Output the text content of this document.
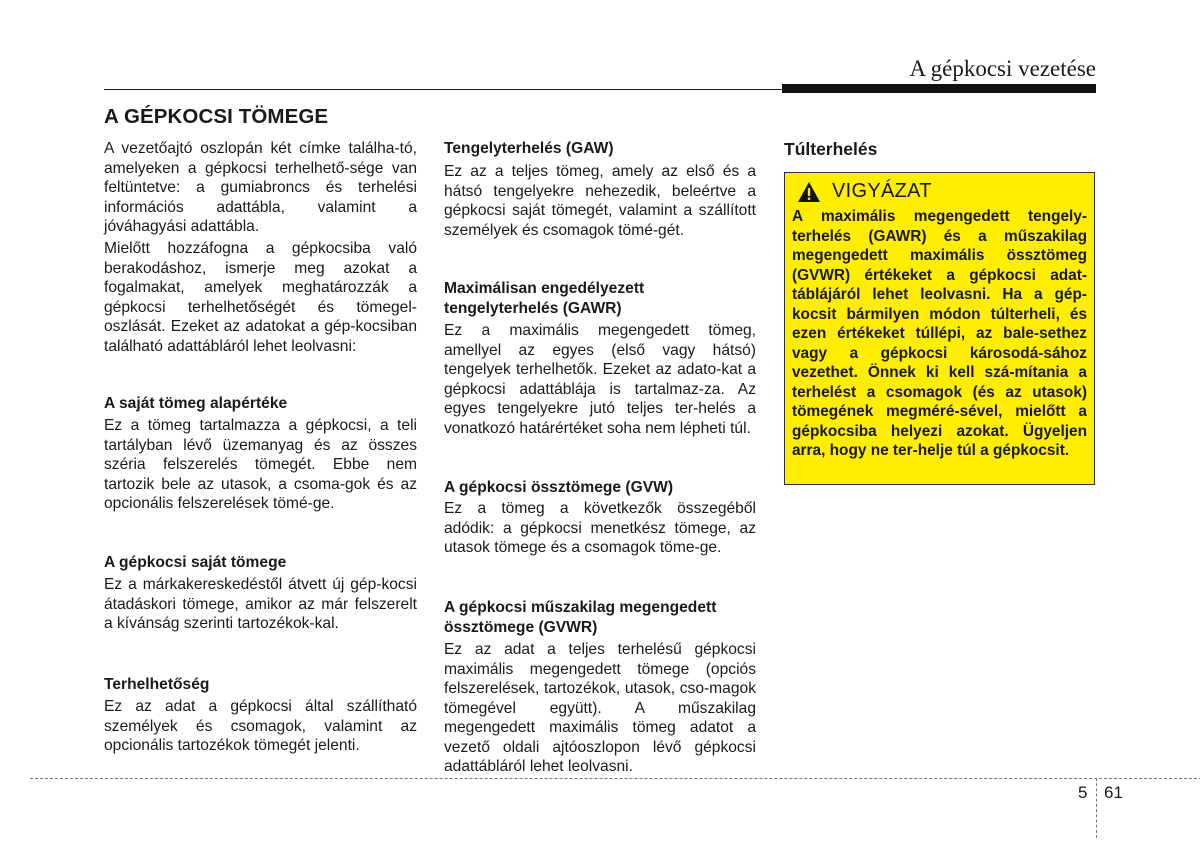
A gépkocsi vezetése
A GÉPKOCSI TÖMEGE

A vezetőajtó oszlopán két címke találha-tó, amelyeken a gépkocsi terhelhető-sége van feltüntetve: a gumiabroncs és terhelési információs adattábla, valamint a jóváhagyási adattábla.

Mielőtt hozzáfogna a gépkocsiba való berakodáshoz, ismerje meg azokat a fogalmakat, amelyek meghatározzák a gépkocsi terhelhetőségét és tömegel-oszlását. Ezeket az adatokat a gép-kocsiban található adattábláról lehet leolvasni:

A saját tömeg alapértéke

Ez a tömeg tartalmazza a gépkocsi, a teli tartályban lévő üzemanyag és az összes széria felszerelés tömegét. Ebbe nem tartozik bele az utasok, a csoma-gok és az opcionális felszerelések tömé-ge.

A gépkocsi saját tömege

Ez a márkakereskedéstől átvett új gép-kocsi átadáskori tömege, amikor az már felszerelt a kívánság szerinti tartozékok-kal.

Terhelhetőség

Ez az adat a gépkocsi által szállítható személyek és csomagok, valamint az opcionális tartozékok tömegét jelenti.

Tengelyterhelés (GAW)

Ez az a teljes tömeg, amely az első és a hátsó tengelyekre nehezedik, beleértve a gépkocsi saját tömegét, valamint a szállított személyek és csomagok tömé-gét.

Maximálisan engedélyezett tengelyterhelés (GAWR)

Ez a maximális megengedett tömeg, amellyel az egyes (első vagy hátsó) tengelyek terhelhetők. Ezeket az adato-kat a gépkocsi adattáblája is tartalmaz-za. Az egyes tengelyekre jutó teljes ter-helés a vonatkozó határértéket soha nem lépheti túl.

A gépkocsi össztömege (GVW)

Ez a tömeg a következők összegéből adódik: a gépkocsi menetkész tömege, az utasok tömege és a csomagok töme-ge.

A gépkocsi műszakilag megengedett össztömege (GVWR)

Ez az adat a teljes terhelésű gépkocsi maximális megengedett tömege (opciós felszerelések, tartozékok, utasok, cso-magok tömegével együtt). A műszakilag megengedett maximális tömeg adatot a vezető oldali ajtóoszlopon lévő gépkocsi adattábláról lehet leolvasni.

Túlterhelés
VIGYÁZAT

A maximális megengedett tengely-terhelés (GAWR) és a műszakilag megengedett maximális össztömeg (GVWR) értékeket a gépkocsi adat-táblájáról lehet leolvasni. Ha a gép-kocsit bármilyen módon túlterheli, és ezen értékeket túllépi, az bale-sethez vagy a gépkocsi károsodá-sához vezethet. Önnek ki kell szá-mítania a terhelést a csomagok (és az utasok) tömegének megméré-sével, mielőtt a gépkocsiba helyezi azokat. Ügyeljen arra, hogy ne ter-helje túl a gépkocsit.

5 61
